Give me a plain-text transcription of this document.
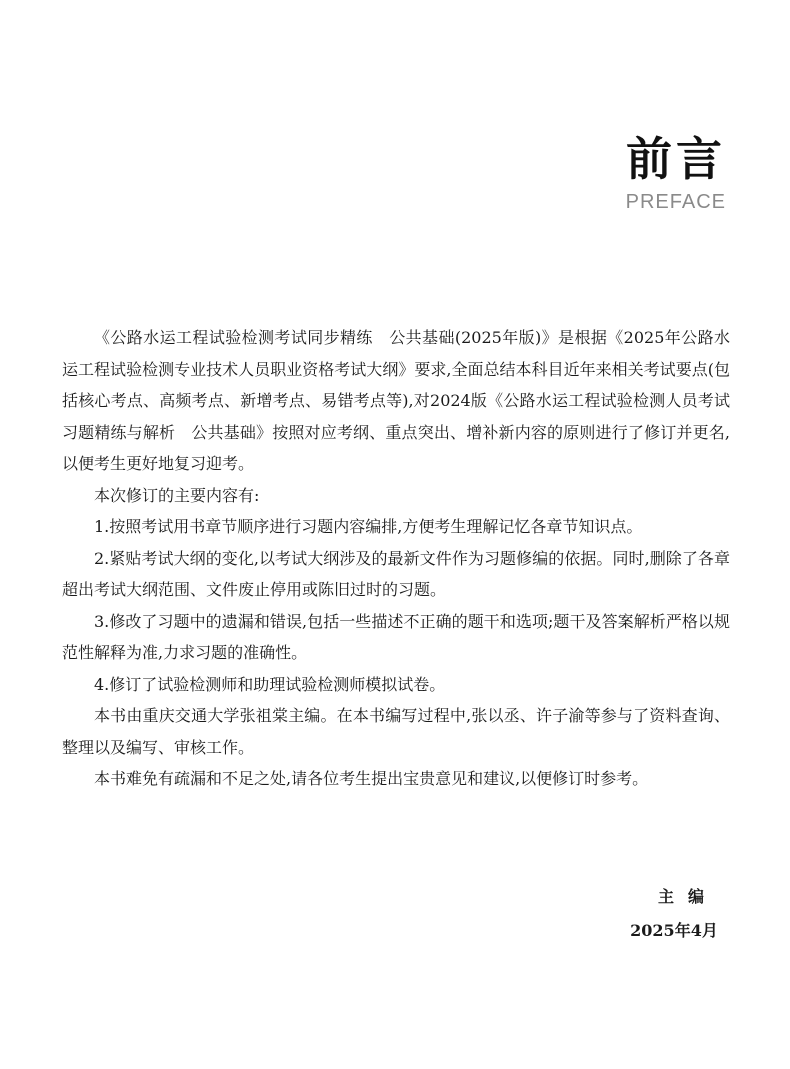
前言
PREFACE

《公路水运工程试验检测考试同步精练　公共基础(2025年版)》是根据《2025年公路水运工程试验检测专业技术人员职业资格考试大纲》要求,全面总结本科目近年来相关考试要点(包括核心考点、高频考点、新增考点、易错考点等),对2024版《公路水运工程试验检测人员考试习题精练与解析　公共基础》按照对应考纲、重点突出、增补新内容的原则进行了修订并更名,以便考生更好地复习迎考。

本次修订的主要内容有:

1.按照考试用书章节顺序进行习题内容编排,方便考生理解记忆各章节知识点。

2.紧贴考试大纲的变化,以考试大纲涉及的最新文件作为习题修编的依据。同时,删除了各章超出考试大纲范围、文件废止停用或陈旧过时的习题。

3.修改了习题中的遗漏和错误,包括一些描述不正确的题干和选项;题干及答案解析严格以规范性解释为准,力求习题的准确性。

4.修订了试验检测师和助理试验检测师模拟试卷。

本书由重庆交通大学张祖棠主编。在本书编写过程中,张以丞、许子渝等参与了资料查询、整理以及编写、审核工作。

本书难免有疏漏和不足之处,请各位考生提出宝贵意见和建议,以便修订时参考。

主编
2025年4月
